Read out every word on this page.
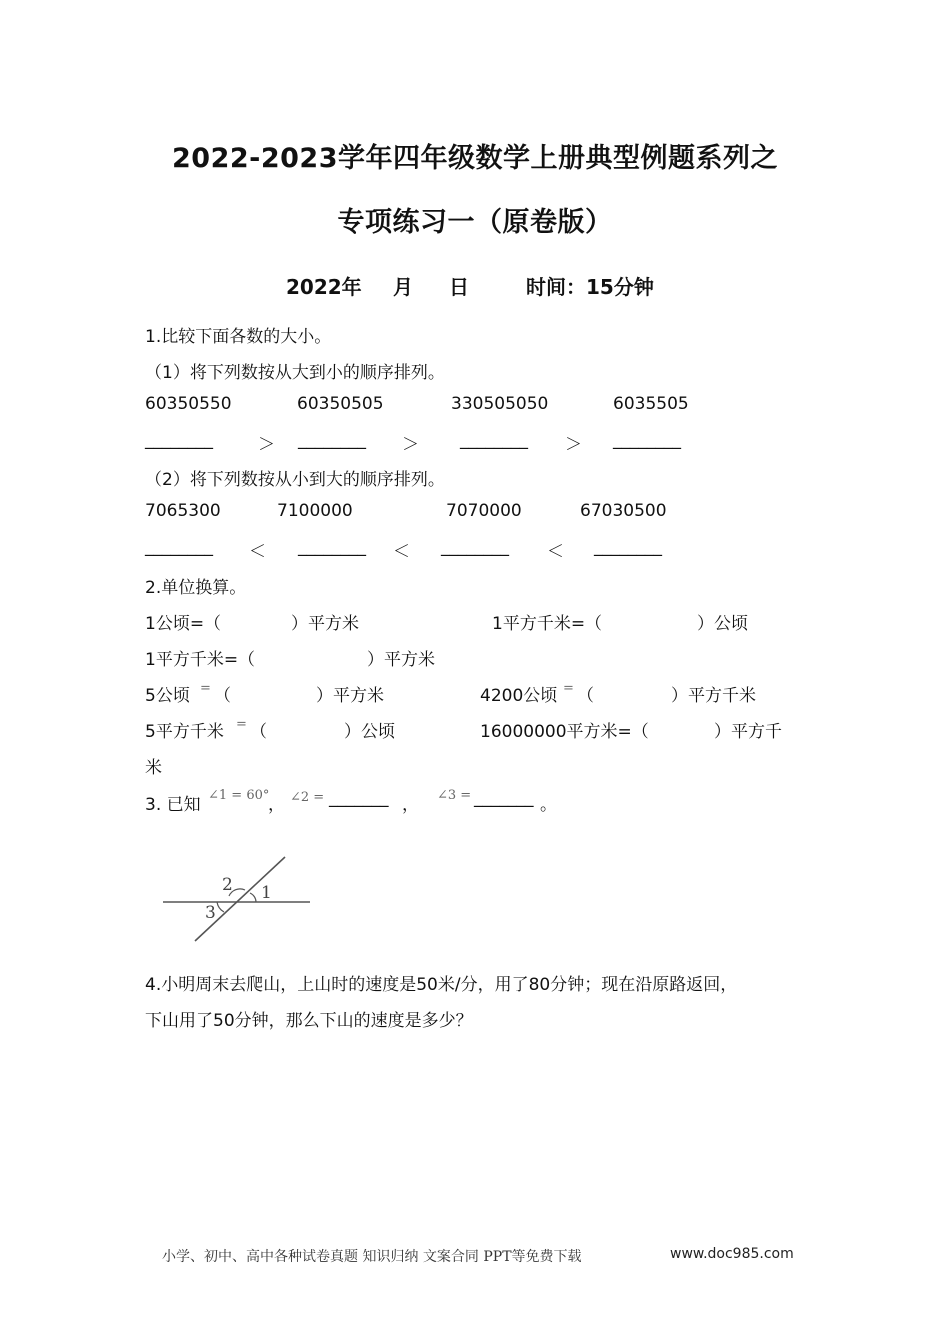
2022-2023学年四年级数学上册典型例题系列之
专项练习一（原卷版）
2022年 月 日	时间：15分钟
1.比较下面各数的大小。
（1）将下列数按从大到小的顺序排列。
60350550	60350505	330505050	6035505
________	＞ ________ ＞ ________ ＞ ________
（2）将下列数按从小到大的顺序排列。
7065300	7100000	7070000	67030500
________ ＜ ________ ＜ ________ ＜ ________
2.单位换算。
1公顷=（	）平方米	1平方千米=（	）公顷
1平方千米=（	）平方米
5公顷 = （	）平方米	4200公顷 = （	）平方千米
5平方千米 = （	）公顷	16000000平方米=（	）平方千
米
3. 已知 ∠1 = 60°
， ∠2 = _______ ， ∠3 = _______ 。
2 1
3
4.小明周末去爬山，上山时的速度是50米/分，用了80分钟；现在沿原路返回，
下山用了50分钟，那么下山的速度是多少？
小学、初中、高中各种试卷真题 知识归纳 文案合同 PPT等免费下载	www.doc985.com
